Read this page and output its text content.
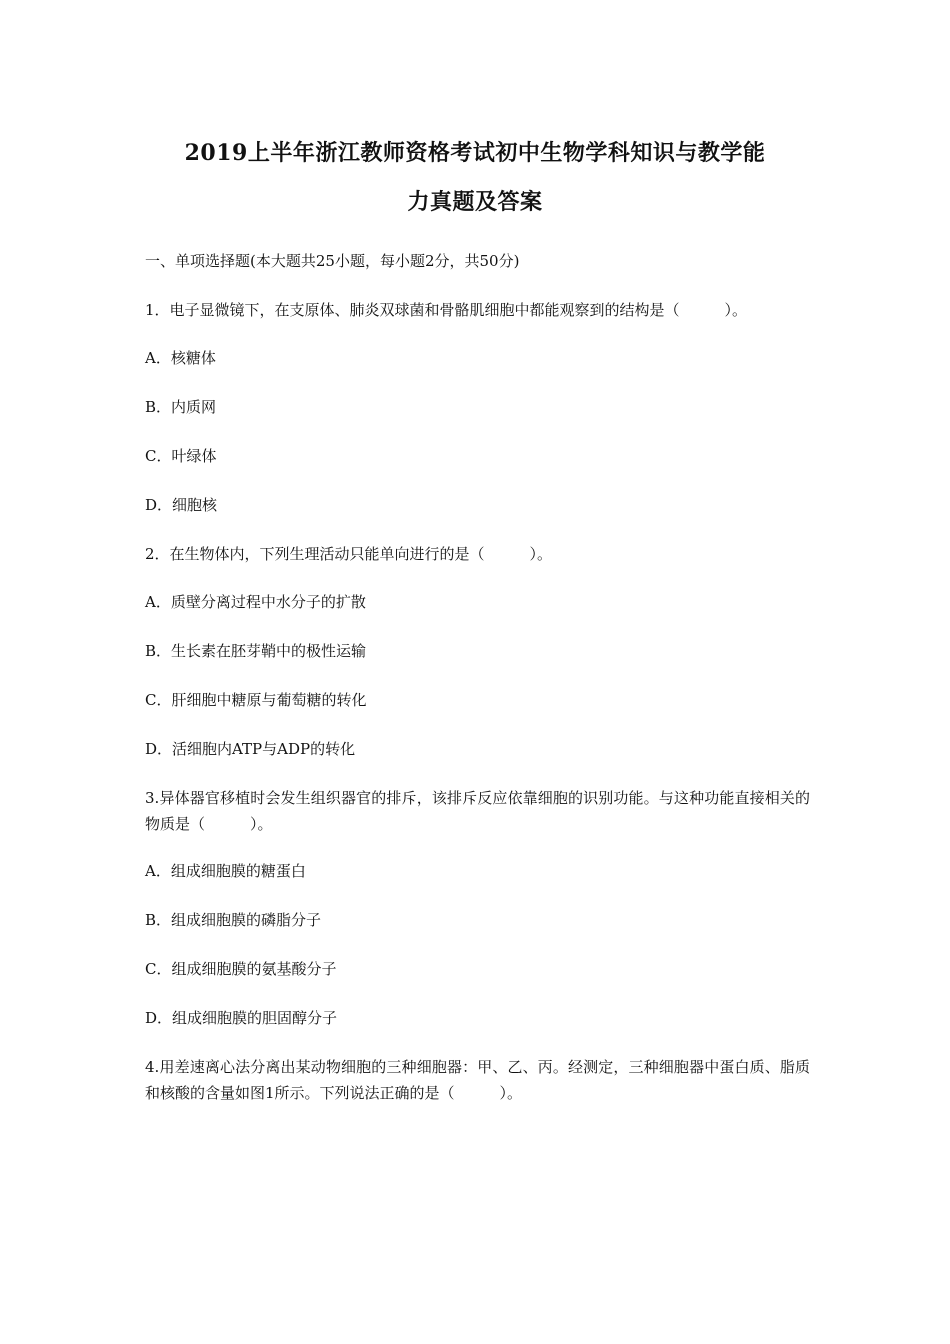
2019上半年浙江教师资格考试初中生物学科知识与教学能
力真题及答案
一、单项选择题(本大题共25小题，每小题2分，共50分)
1．电子显微镜下，在支原体、肺炎双球菌和骨骼肌细胞中都能观察到的结构是（　　　）。
A．核糖体
B．内质网
C．叶绿体
D．细胞核
2．在生物体内，下列生理活动只能单向进行的是（　　　）。
A．质壁分离过程中水分子的扩散
B．生长素在胚芽鞘中的极性运输
C．肝细胞中糖原与葡萄糖的转化
D．活细胞内ATP与ADP的转化
3.异体器官移植时会发生组织器官的排斥，该排斥反应依靠细胞的识别功能。与这种功能直接相关的物质是（　　　）。
A．组成细胞膜的糖蛋白
B．组成细胞膜的磷脂分子
C．组成细胞膜的氨基酸分子
D．组成细胞膜的胆固醇分子
4.用差速离心法分离出某动物细胞的三种细胞器：甲、乙、丙。经测定，三种细胞器中蛋白质、脂质和核酸的含量如图1所示。下列说法正确的是（　　　）。
